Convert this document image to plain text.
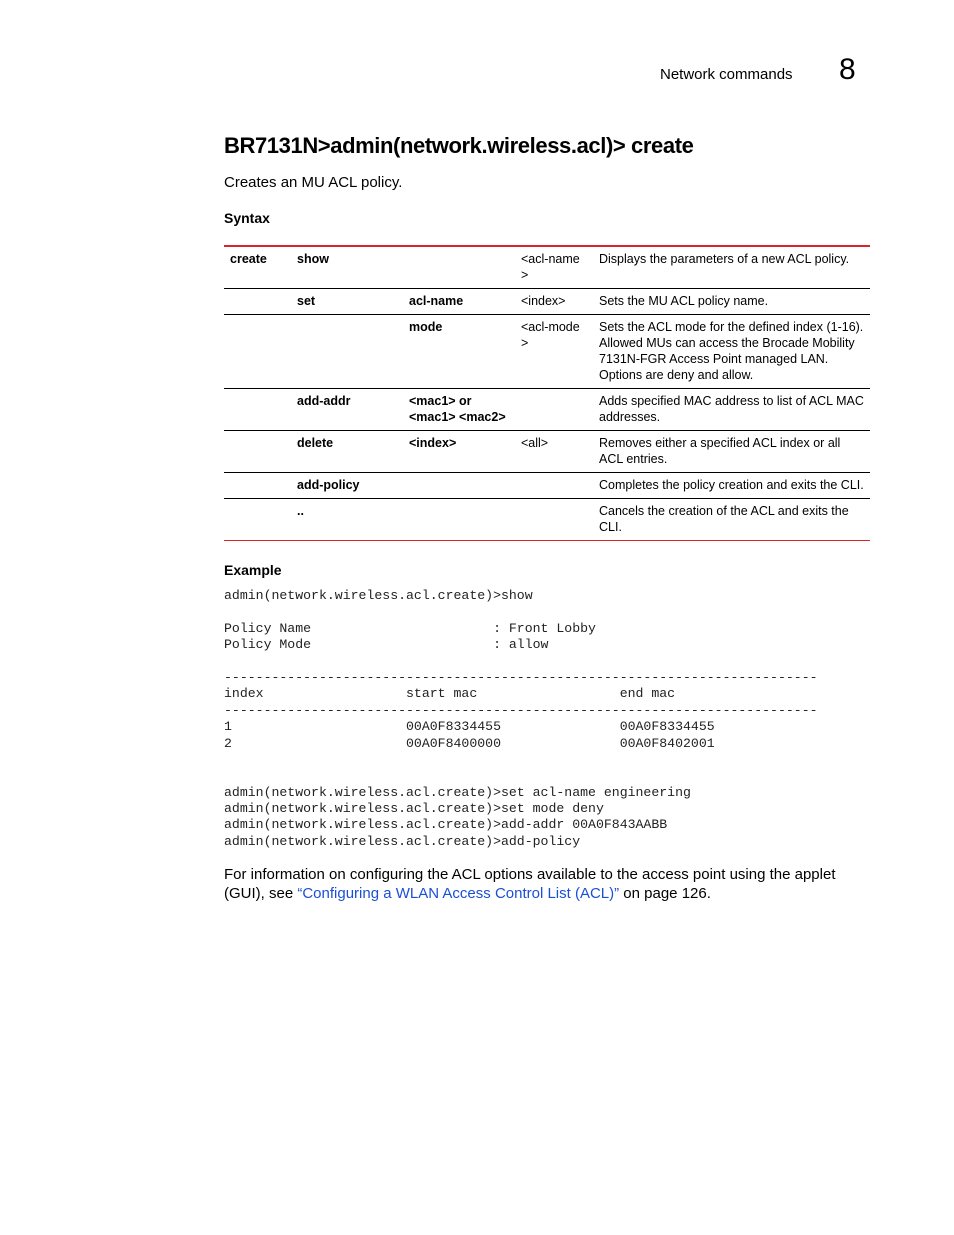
Network commands 8
BR7131N>admin(network.wireless.acl)> create
Creates an MU ACL policy.
Syntax
create	show		<acl-name
>	Displays the parameters of a new ACL policy.
	set	acl-name	<index>	Sets the MU ACL policy name.
		mode	<acl-mode
>	Sets the ACL mode for the defined index (1-16). Allowed MUs can access the Brocade Mobility 7131N-FGR Access Point managed LAN. Options are deny and allow.
	add-addr	<mac1> or
<mac1> <mac2>		Adds specified MAC address to list of ACL MAC addresses.
	delete	<index>	<all>	Removes either a specified ACL index or all ACL entries.
	add-policy			Completes the policy creation and exits the CLI.
	..			Cancels the creation of the ACL and exits the CLI.
Example
admin(network.wireless.acl.create)>show
Policy Name                       : Front Lobby
Policy Mode                       : allow
---------------------------------------------------------------------------
index                  start mac                  end mac
---------------------------------------------------------------------------
1                      00A0F8334455               00A0F8334455
2                      00A0F8400000               00A0F8402001
admin(network.wireless.acl.create)>set acl-name engineering
admin(network.wireless.acl.create)>set mode deny
admin(network.wireless.acl.create)>add-addr 00A0F843AABB
admin(network.wireless.acl.create)>add-policy
For information on configuring the ACL options available to the access point using the applet (GUI), see “Configuring a WLAN Access Control List (ACL)” on page 126.
